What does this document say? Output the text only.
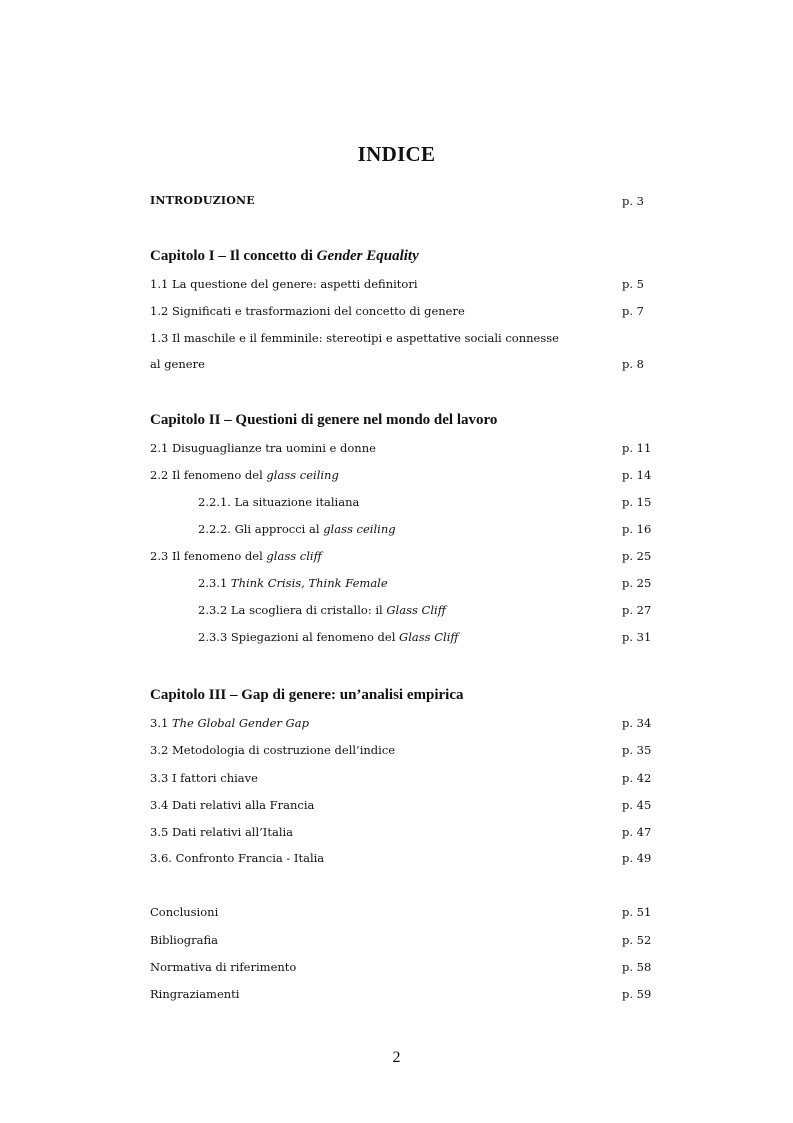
INDICE
INTRODUZIONE	p. 3
Capitolo I – Il concetto di Gender Equality
1.1 La questione del genere: aspetti definitori	p. 5
1.2 Significati e trasformazioni del concetto di genere	p. 7
1.3 Il maschile e il femminile: stereotipi e aspettative sociali connesse
al genere	p. 8
Capitolo II – Questioni di genere nel mondo del lavoro
2.1 Disuguaglianze tra uomini e donne	p. 11
2.2 Il fenomeno del glass ceiling	p. 14
2.2.1. La situazione italiana	p. 15
2.2.2. Gli approcci al glass ceiling	p. 16
2.3 Il fenomeno del glass cliff	p. 25
2.3.1 Think Crisis, Think Female	p. 25
2.3.2 La scogliera di cristallo: il Glass Cliff	p. 27
2.3.3 Spiegazioni al fenomeno del Glass Cliff	p. 31
Capitolo III – Gap di genere: un’analisi empirica
3.1 The Global Gender Gap	p. 34
3.2 Metodologia di costruzione dell’indice	p. 35
3.3 I fattori chiave	p. 42
3.4 Dati relativi alla Francia	p. 45
3.5 Dati relativi all’Italia	p. 47
3.6. Confronto Francia - Italia	p. 49
Conclusioni	p. 51
Bibliografia	p. 52
Normativa di riferimento	p. 58
Ringraziamenti	p. 59
2
